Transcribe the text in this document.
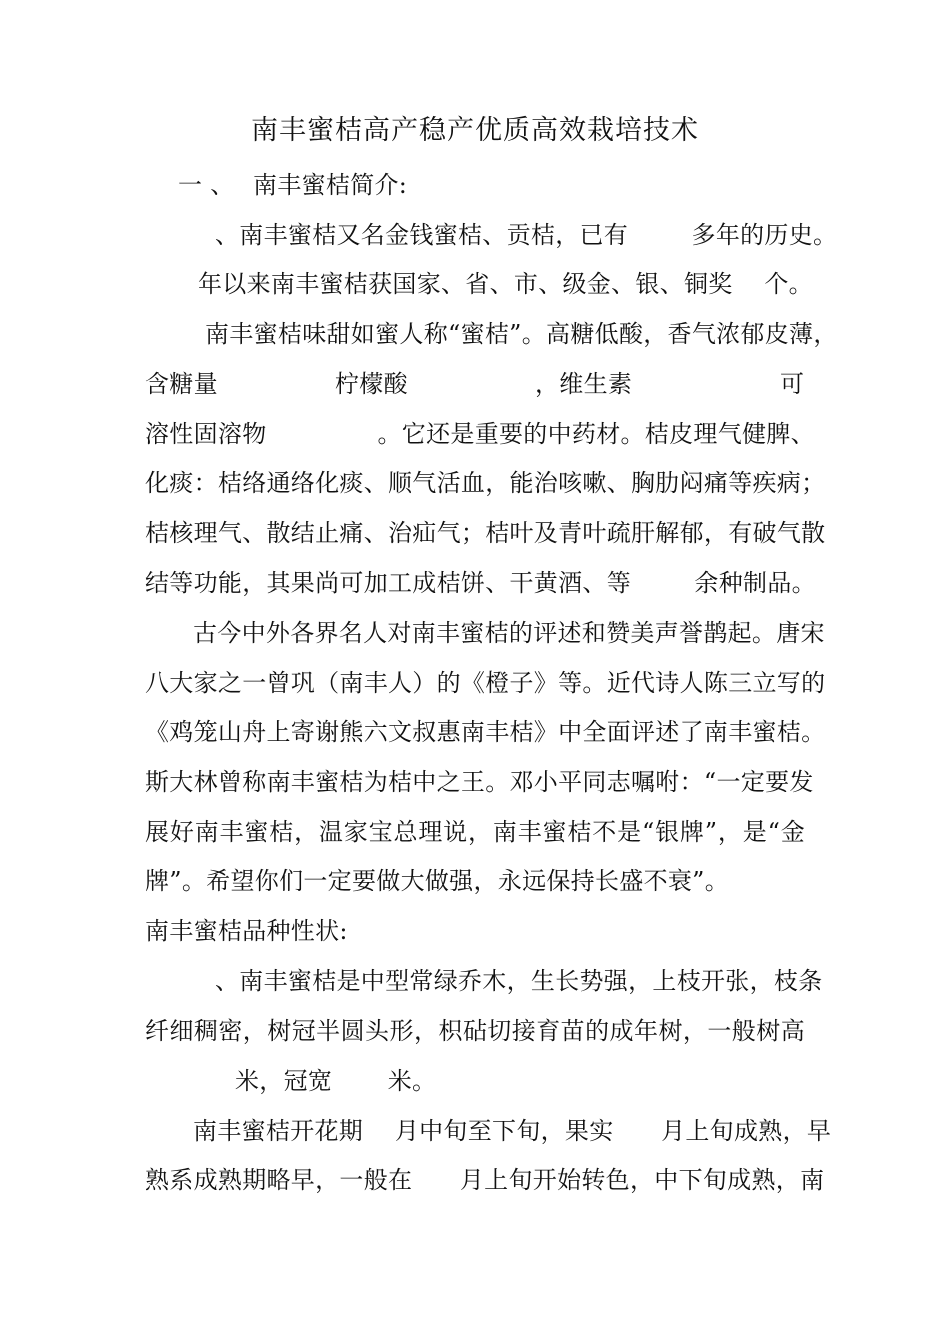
南丰蜜桔高产稳产优质高效栽培技术
一 、 南丰蜜桔简介:
、南丰蜜桔又名金钱蜜桔、贡桔，已有        多年的历史。
年以来南丰蜜桔获国家、省、市、级金、银、铜奖    个。
南丰蜜桔味甜如蜜人称“蜜桔”。高糖低酸，香气浓郁皮薄，
含糖量	柠檬酸	，维生素	可
溶性固溶物              。它还是重要的中药材。桔皮理气健脾、
化痰：桔络通络化痰、顺气活血，能治咳嗽、胸肋闷痛等疾病；
桔核理气、散结止痛、治疝气；桔叶及青叶疏肝解郁，有破气散
结等功能，其果尚可加工成桔饼、干黄酒、等        余种制品。
古今中外各界名人对南丰蜜桔的评述和赞美声誉鹊起。唐宋
八大家之一曾巩（南丰人）的《橙子》等。近代诗人陈三立写的
《鸡笼山舟上寄谢熊六文叔惠南丰桔》中全面评述了南丰蜜桔。
斯大林曾称南丰蜜桔为桔中之王。邓小平同志嘱咐：“一定要发
展好南丰蜜桔，温家宝总理说，南丰蜜桔不是“银牌”，是“金
牌”。希望你们一定要做大做强，永远保持长盛不衰”。
南丰蜜桔品种性状:
、南丰蜜桔是中型常绿乔木，生长势强，上枝开张，枝条
纤细稠密，树冠半圆头形，枳砧切接育苗的成年树，一般树高
米，冠宽       米。
南丰蜜桔开花期    月中旬至下旬，果实      月上旬成熟，早
熟系成熟期略早，一般在      月上旬开始转色，中下旬成熟，南
